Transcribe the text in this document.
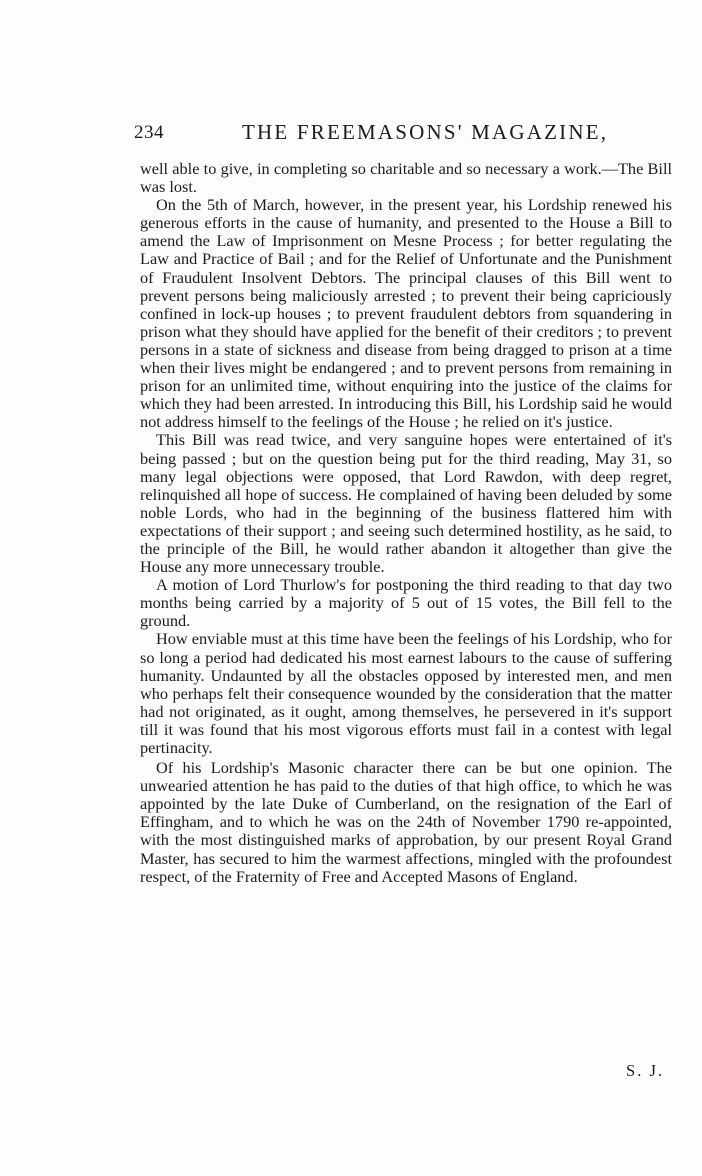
234	THE FREEMASONS' MAGAZINE,

well able to give, in completing so charitable and so necessary a work.—The Bill was lost.

On the 5th of March, however, in the present year, his Lordship renewed his generous efforts in the cause of humanity, and presented to the House a Bill to amend the Law of Imprisonment on Mesne Process ; for better regulating the Law and Practice of Bail ; and for the Relief of Unfortunate and the Punishment of Fraudulent Insolvent Debtors. The principal clauses of this Bill went to prevent persons being maliciously arrested ; to prevent their being capriciously confined in lock-up houses ; to prevent fraudulent debtors from squandering in prison what they should have applied for the benefit of their creditors ; to prevent persons in a state of sickness and disease from being dragged to prison at a time when their lives might be endangered ; and to prevent persons from remaining in prison for an unlimited time, without enquiring into the justice of the claims for which they had been arrested. In introducing this Bill, his Lordship said he would not address himself to the feelings of the House ; he relied on it's justice.

This Bill was read twice, and very sanguine hopes were entertained of it's being passed ; but on the question being put for the third reading, May 31, so many legal objections were opposed, that Lord Rawdon, with deep regret, relinquished all hope of success. He complained of having been deluded by some noble Lords, who had in the beginning of the business flattered him with expectations of their support ; and seeing such determined hostility, as he said, to the principle of the Bill, he would rather abandon it altogether than give the House any more unnecessary trouble.

A motion of Lord Thurlow's for postponing the third reading to that day two months being carried by a majority of 5 out of 15 votes, the Bill fell to the ground.

How enviable must at this time have been the feelings of his Lordship, who for so long a period had dedicated his most earnest labours to the cause of suffering humanity. Undaunted by all the obstacles opposed by interested men, and men who perhaps felt their consequence wounded by the consideration that the matter had not originated, as it ought, among themselves, he persevered in it's support till it was found that his most vigorous efforts must fail in a contest with legal pertinacity.

Of his Lordship's Masonic character there can be but one opinion. The unwearied attention he has paid to the duties of that high office, to which he was appointed by the late Duke of Cumberland, on the resignation of the Earl of Effingham, and to which he was on the 24th of November 1790 re-appointed, with the most distinguished marks of approbation, by our present Royal Grand Master, has secured to him the warmest affections, mingled with the profoundest respect, of the Fraternity of Free and Accepted Masons of England.

S. J.
